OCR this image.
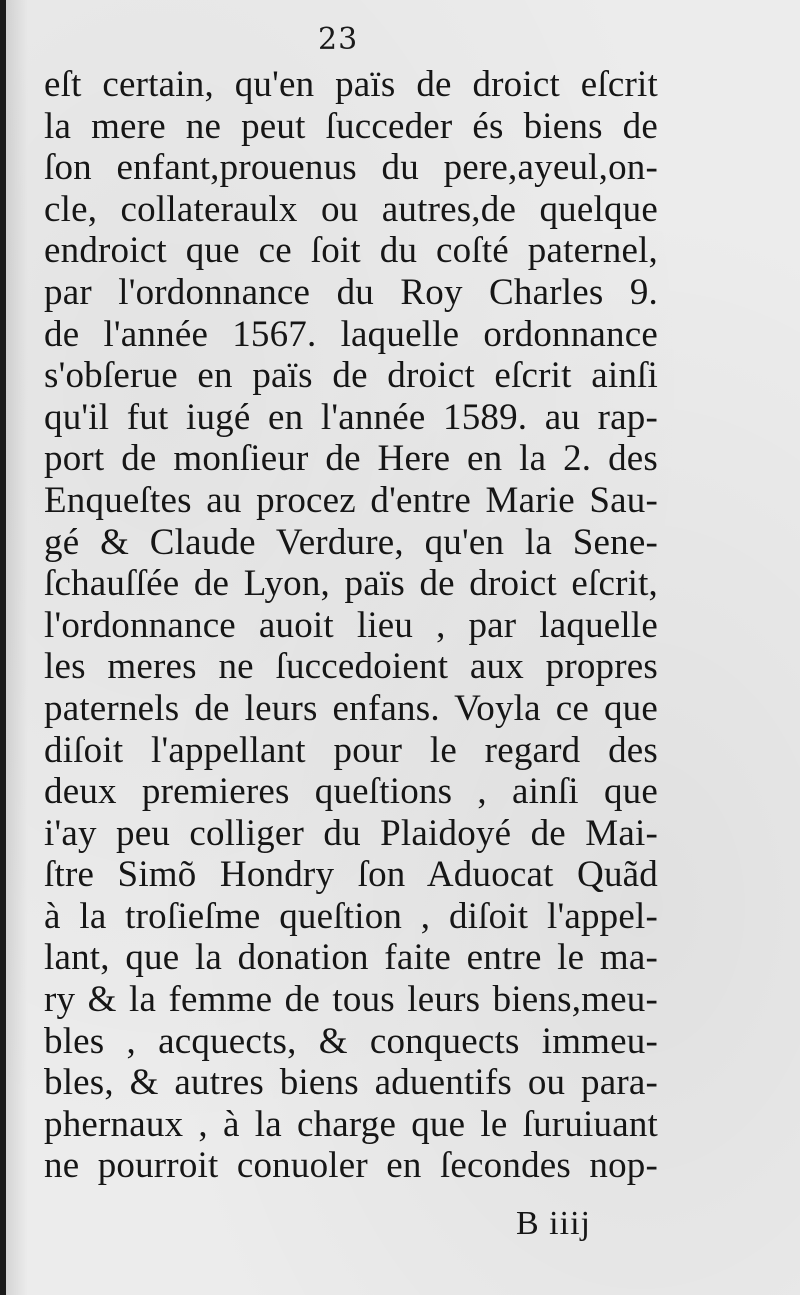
23
eſt certain, qu'en païs de droict eſcrit
la mere ne peut ſucceder és biens de
ſon enfant,prouenus du pere,ayeul,on-
cle, collateraulx ou autres,de quelque
endroict que ce ſoit du coſté paternel,
par l'ordonnance du Roy Charles 9.
de l'année 1567. laquelle ordonnance
s'obſerue en païs de droict eſcrit ainſi
qu'il fut iugé en l'année 1589. au rap-
port de monſieur de Here en la 2. des
Enqueſtes au procez d'entre Marie Sau-
gé & Claude Verdure, qu'en la Sene-
ſchauſſée de Lyon, païs de droict eſcrit,
l'ordonnance auoit lieu , par laquelle
les meres ne ſuccedoient aux propres
paternels de leurs enfans. Voyla ce que
diſoit l'appellant pour le regard des
deux premieres queſtions , ainſi que
i'ay peu colliger du Plaidoyé de Mai-
ſtre Simõ Hondry ſon Aduocat Quãd
à la troſieſme queſtion , diſoit l'appel-
lant, que la donation faite entre le ma-
ry & la femme de tous leurs biens,meu-
bles , acquects, & conquects immeu-
bles, & autres biens aduentifs ou para-
phernaux , à la charge que le ſuruiuant
ne pourroit conuoler en ſecondes nop-
B iiij
